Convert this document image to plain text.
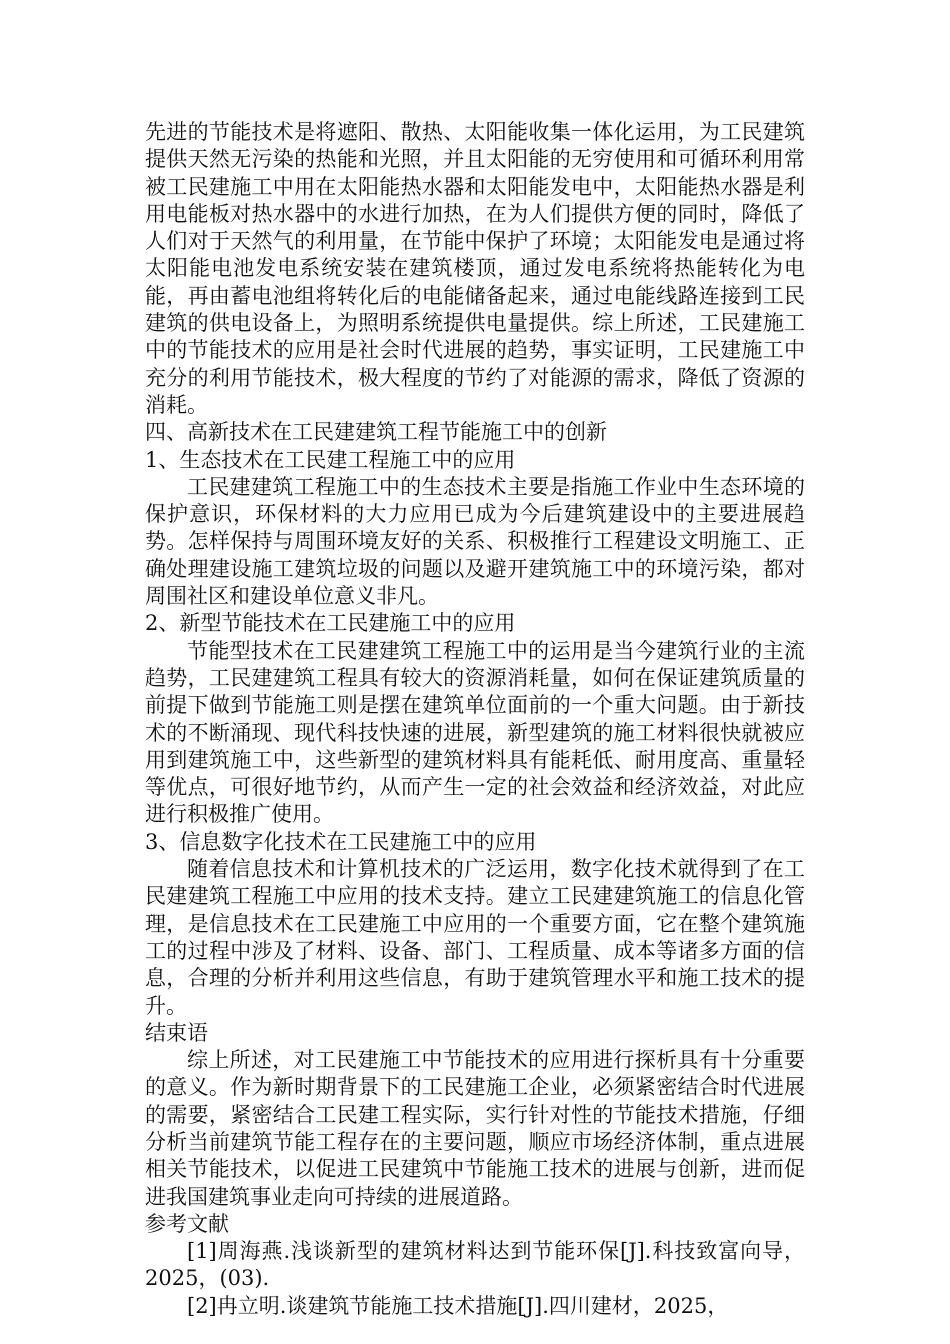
先进的节能技术是将遮阳、散热、太阳能收集一体化运用，为工民建筑提供天然无污染的热能和光照，并且太阳能的无穷使用和可循环利用常被工民建施工中用在太阳能热水器和太阳能发电中，太阳能热水器是利用电能板对热水器中的水进行加热，在为人们提供方便的同时，降低了人们对于天然气的利用量，在节能中保护了环境；太阳能发电是通过将太阳能电池发电系统安装在建筑楼顶，通过发电系统将热能转化为电能，再由蓄电池组将转化后的电能储备起来，通过电能线路连接到工民建筑的供电设备上，为照明系统提供电量提供。综上所述，工民建施工中的节能技术的应用是社会时代进展的趋势，事实证明，工民建施工中充分的利用节能技术，极大程度的节约了对能源的需求，降低了资源的消耗。

四、高新技术在工民建建筑工程节能施工中的创新

1、生态技术在工民建工程施工中的应用

工民建建筑工程施工中的生态技术主要是指施工作业中生态环境的保护意识，环保材料的大力应用已成为今后建筑建设中的主要进展趋势。怎样保持与周围环境友好的关系、积极推行工程建设文明施工、正确处理建设施工建筑垃圾的问题以及避开建筑施工中的环境污染，都对周围社区和建设单位意义非凡。

2、新型节能技术在工民建施工中的应用

节能型技术在工民建建筑工程施工中的运用是当今建筑行业的主流趋势，工民建建筑工程具有较大的资源消耗量，如何在保证建筑质量的前提下做到节能施工则是摆在建筑单位面前的一个重大问题。由于新技术的不断涌现、现代科技快速的进展，新型建筑的施工材料很快就被应用到建筑施工中，这些新型的建筑材料具有能耗低、耐用度高、重量轻等优点，可很好地节约，从而产生一定的社会效益和经济效益，对此应进行积极推广使用。

3、信息数字化技术在工民建施工中的应用

随着信息技术和计算机技术的广泛运用，数字化技术就得到了在工民建建筑工程施工中应用的技术支持。建立工民建建筑施工的信息化管理，是信息技术在工民建施工中应用的一个重要方面，它在整个建筑施工的过程中涉及了材料、设备、部门、工程质量、成本等诸多方面的信息，合理的分析并利用这些信息，有助于建筑管理水平和施工技术的提升。

结束语

综上所述，对工民建施工中节能技术的应用进行探析具有十分重要的意义。作为新时期背景下的工民建施工企业，必须紧密结合时代进展的需要，紧密结合工民建工程实际，实行针对性的节能技术措施，仔细分析当前建筑节能工程存在的主要问题，顺应市场经济体制，重点进展相关节能技术，以促进工民建筑中节能施工技术的进展与创新，进而促进我国建筑事业走向可持续的进展道路。

参考文献

[1]周海燕.浅谈新型的建筑材料达到节能环保[J].科技致富向导，2025，(03).

[2]冉立明.谈建筑节能施工技术措施[J].四川建材，2025，
